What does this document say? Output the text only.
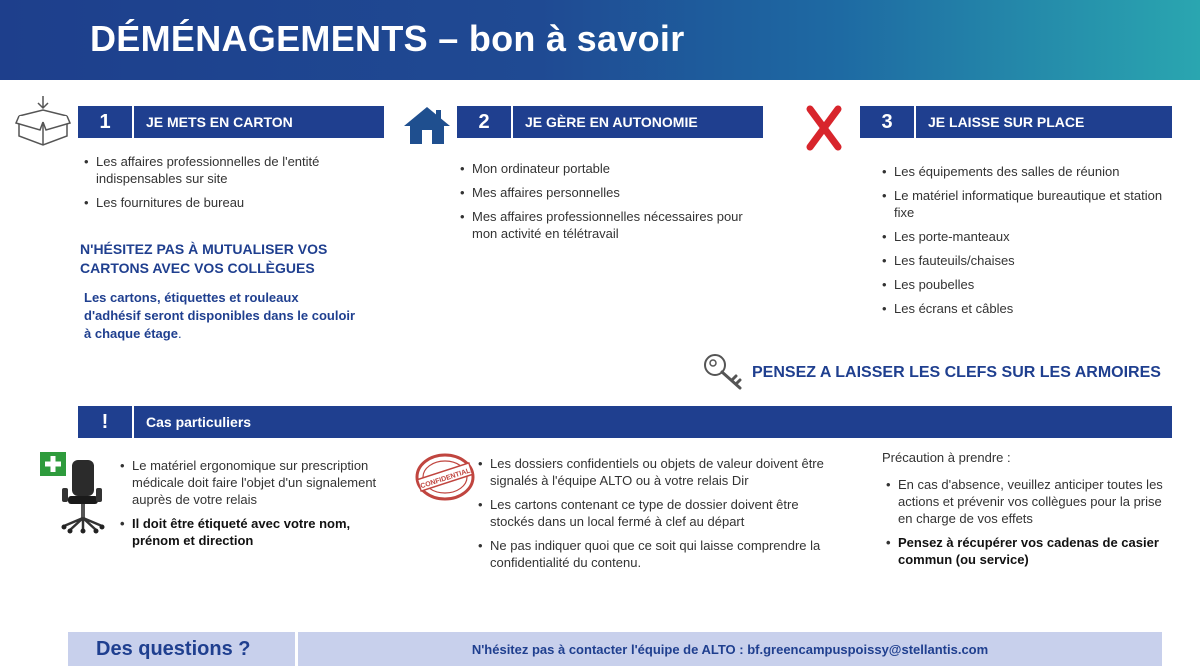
DÉMÉNAGEMENTS – bon à savoir
1	JE METS EN CARTON
• Les affaires professionnelles de l'entité indispensables sur site
• Les fournitures de bureau
N'HÉSITEZ PAS À MUTUALISER VOS
CARTONS AVEC VOS COLLÈGUES
Les cartons, étiquettes et rouleaux
d'adhésif seront disponibles dans le couloir
à chaque étage.
2	JE GÈRE EN AUTONOMIE
• Mon ordinateur portable
• Mes affaires personnelles
• Mes affaires professionnelles nécessaires pour mon activité en télétravail
3	JE LAISSE SUR PLACE
• Les équipements des salles de réunion
• Le matériel informatique bureautique et station fixe
• Les porte-manteaux
• Les fauteuils/chaises
• Les poubelles
• Les écrans et câbles
PENSEZ A LAISSER LES CLEFS SUR LES ARMOIRES
!	Cas particuliers
• Le matériel ergonomique sur prescription médicale doit faire l'objet d'un signalement auprès de votre relais
• Il doit être étiqueté avec votre nom, prénom et direction
CONFIDENTIAL
• Les dossiers confidentiels ou objets de valeur doivent être signalés à l'équipe ALTO ou à votre relais Dir
• Les cartons contenant ce type de dossier doivent être stockés dans un local fermé à clef au départ
• Ne pas indiquer quoi que ce soit qui laisse comprendre la confidentialité du contenu.
Précaution à prendre :
• En cas d'absence, veuillez anticiper toutes les actions et prévenir vos collègues pour la prise en charge de vos effets
• Pensez à récupérer vos cadenas de casier commun (ou service)
Des questions ?	N'hésitez pas à contacter l'équipe de ALTO : bf.greencampuspoissy@stellantis.com
